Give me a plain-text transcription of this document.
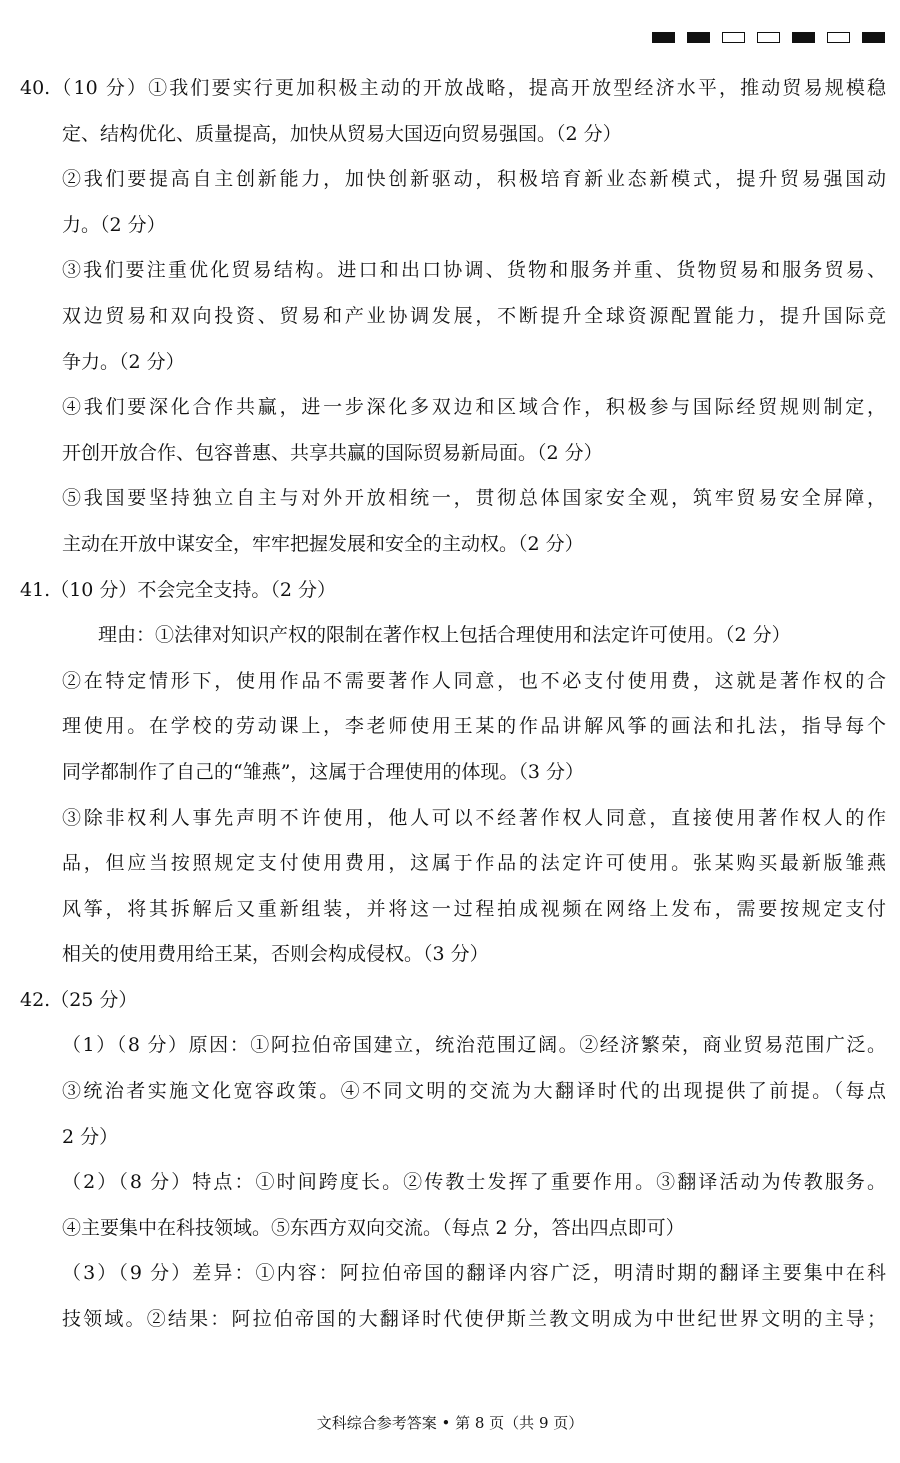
40.（10 分）①我们要实行更加积极主动的开放战略，提高开放型经济水平，推动贸易规模稳
定、结构优化、质量提高，加快从贸易大国迈向贸易强国。（2 分）
②我们要提高自主创新能力，加快创新驱动，积极培育新业态新模式，提升贸易强国动
力。（2 分）
③我们要注重优化贸易结构。进口和出口协调、货物和服务并重、货物贸易和服务贸易、
双边贸易和双向投资、贸易和产业协调发展，不断提升全球资源配置能力，提升国际竞
争力。（2 分）
④我们要深化合作共赢，进一步深化多双边和区域合作，积极参与国际经贸规则制定，
开创开放合作、包容普惠、共享共赢的国际贸易新局面。（2 分）
⑤我国要坚持独立自主与对外开放相统一，贯彻总体国家安全观，筑牢贸易安全屏障，
主动在开放中谋安全，牢牢把握发展和安全的主动权。（2 分）
41.（10 分）不会完全支持。（2 分）
理由：①法律对知识产权的限制在著作权上包括合理使用和法定许可使用。（2 分）
②在特定情形下，使用作品不需要著作人同意，也不必支付使用费，这就是著作权的合
理使用。在学校的劳动课上，李老师使用王某的作品讲解风筝的画法和扎法，指导每个
同学都制作了自己的“雏燕”，这属于合理使用的体现。（3 分）
③除非权利人事先声明不许使用，他人可以不经著作权人同意，直接使用著作权人的作
品，但应当按照规定支付使用费用，这属于作品的法定许可使用。张某购买最新版雏燕
风筝，将其拆解后又重新组装，并将这一过程拍成视频在网络上发布，需要按规定支付
相关的使用费用给王某，否则会构成侵权。（3 分）
42.（25 分）
（1）（8 分）原因：①阿拉伯帝国建立，统治范围辽阔。②经济繁荣，商业贸易范围广泛。
③统治者实施文化宽容政策。④不同文明的交流为大翻译时代的出现提供了前提。（每点
2 分）
（2）（8 分）特点：①时间跨度长。②传教士发挥了重要作用。③翻译活动为传教服务。
④主要集中在科技领域。⑤东西方双向交流。（每点 2 分，答出四点即可）
（3）（9 分）差异：①内容：阿拉伯帝国的翻译内容广泛，明清时期的翻译主要集中在科
技领域。②结果：阿拉伯帝国的大翻译时代使伊斯兰教文明成为中世纪世界文明的主导；
文科综合参考答案 • 第 8 页（共 9 页）
